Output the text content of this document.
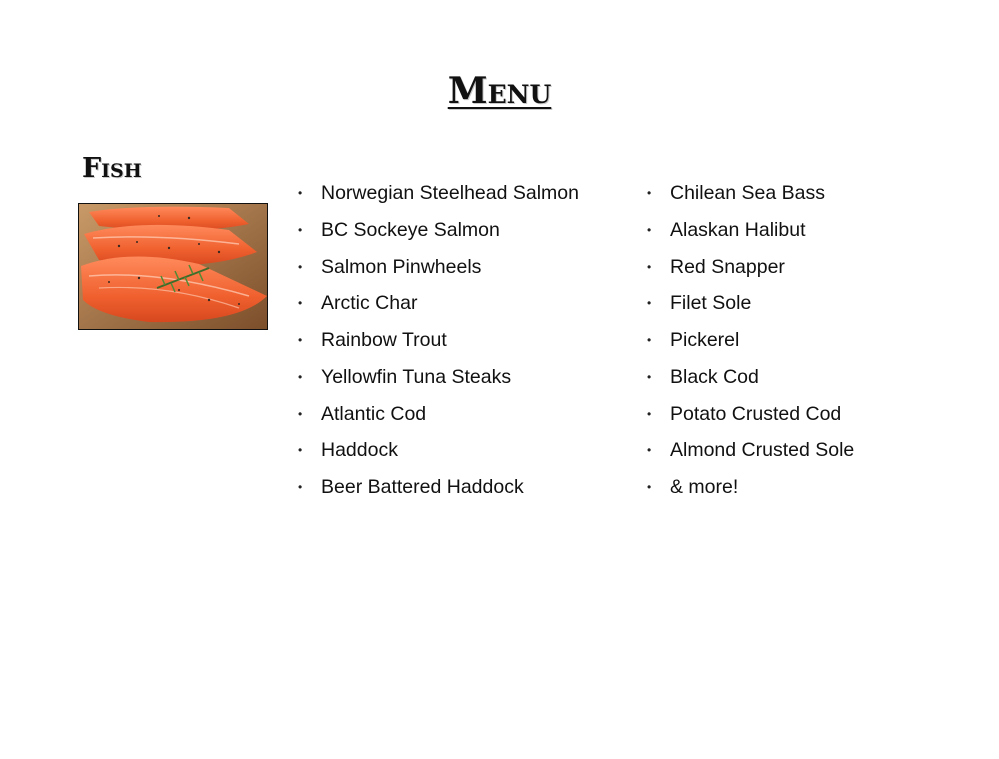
Menu
Fish
• Norwegian Steelhead Salmon
• BC Sockeye Salmon
• Salmon Pinwheels
• Arctic Char
• Rainbow Trout
• Yellowfin Tuna Steaks
• Atlantic Cod
• Haddock
• Beer Battered Haddock
• Chilean Sea Bass
• Alaskan Halibut
• Red Snapper
• Filet Sole
• Pickerel
• Black Cod
• Potato Crusted Cod
• Almond Crusted Sole
• & more!
